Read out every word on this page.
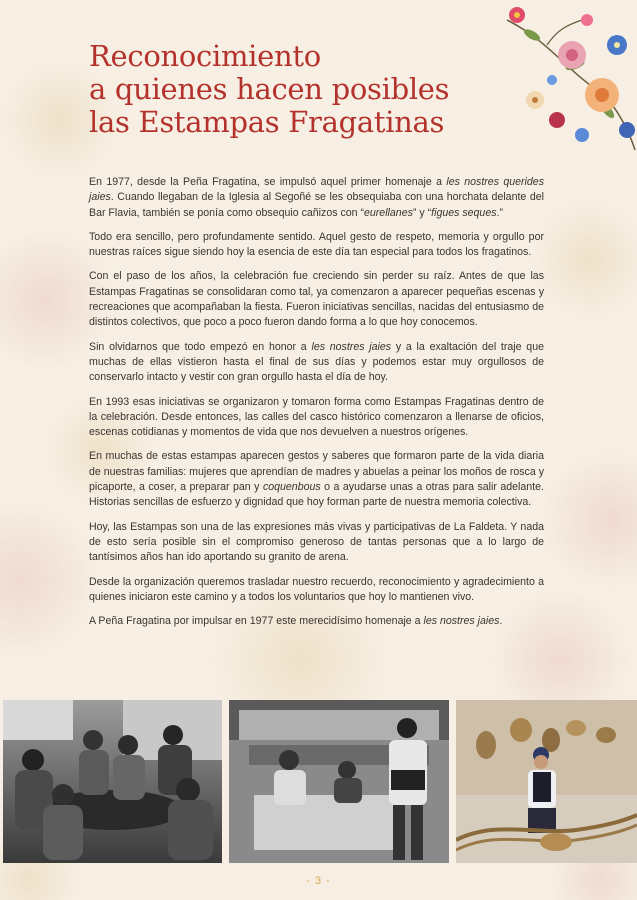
Reconocimiento
a quienes hacen posibles
las Estampas Fragatinas

En 1977, desde la Peña Fragatina, se impulsó aquel primer homenaje a les nostres querides jaies. Cuando llegaban de la Iglesia al Segoñé se les obsequiaba con una horchata delante del Bar Flavia, también se ponía como obsequio cañizos con “eurellanes” y “figues seques.”

Todo era sencillo, pero profundamente sentido. Aquel gesto de respeto, memoria y orgullo por nuestras raíces sigue siendo hoy la esencia de este día tan especial para todos los fragatinos.

Con el paso de los años, la celebración fue creciendo sin perder su raíz. Antes de que las Estampas Fragatinas se consolidaran como tal, ya comenzaron a aparecer pequeñas escenas y recreaciones que acompañaban la fiesta. Fueron iniciativas sencillas, nacidas del entusiasmo de distintos colectivos, que poco a poco fueron dando forma a lo que hoy conocemos.

Sin olvidarnos que todo empezó en honor a les nostres jaies y a la exaltación del traje que muchas de ellas vistieron hasta el final de sus días y podemos estar muy orgullosos de conservarlo intacto y vestir con gran orgullo hasta el día de hoy.

En 1993 esas iniciativas se organizaron y tomaron forma como Estampas Fragatinas dentro de la celebración. Desde entonces, las calles del casco histórico comenzaron a llenarse de oficios, escenas cotidianas y momentos de vida que nos devuelven a nuestros orígenes.

En muchas de estas estampas aparecen gestos y saberes que formaron parte de la vida diaria de nuestras familias: mujeres que aprendían de madres y abuelas a peinar los moños de rosca y picaporte, a coser, a preparar pan y coquenbous o a ayudarse unas a otras para salir adelante. Historias sencillas de esfuerzo y dignidad que hoy forman parte de nuestra memoria colectiva.

Hoy, las Estampas son una de las expresiones más vivas y participativas de La Faldeta. Y nada de esto sería posible sin el compromiso generoso de tantas personas que a lo largo de tantísimos años han ido aportando su granito de arena.

Desde la organización queremos trasladar nuestro recuerdo, reconocimiento y agradecimiento a quienes iniciaron este camino y a todos los voluntarios que hoy lo mantienen vivo.

A Peña Fragatina por impulsar en 1977 este merecidísimo homenaje a les nostres jaies.

- 3 -
